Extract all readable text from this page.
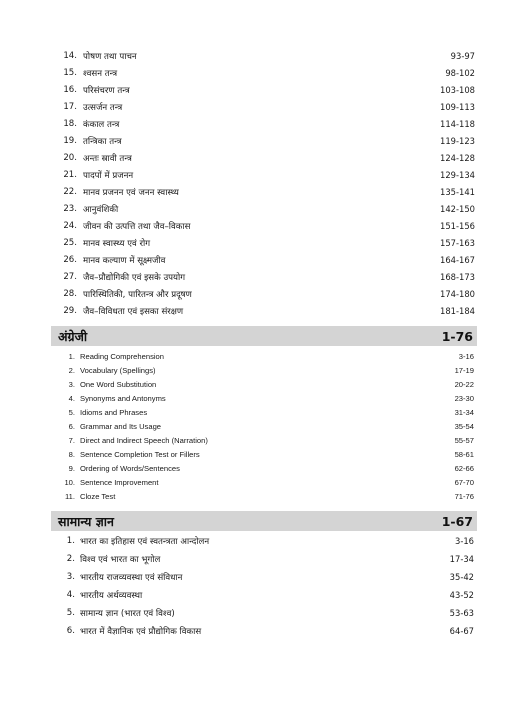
14. पोषण तथा पाचन	93-97
15. श्वसन तन्त्र	98-102
16. परिसंचरण तन्त्र	103-108
17. उत्सर्जन तन्त्र	109-113
18. कंकाल तन्त्र	114-118
19. तन्त्रिका तन्त्र	119-123
20. अन्तः स्रावी तन्त्र	124-128
21. पादपों में प्रजनन	129-134
22. मानव प्रजनन एवं जनन स्वास्थ्य	135-141
23. आनुवंशिकी	142-150
24. जीवन की उत्पत्ति तथा जैव–विकास	151-156
25. मानव स्वास्थ्य एवं रोग	157-163
26. मानव कल्याण में सूक्ष्मजीव	164-167
27. जैव–प्रौद्योगिकी एवं इसके उपयोग	168-173
28. पारिस्थितिकी, पारितन्त्र और प्रदूषण	174-180
29. जैव–विविधता एवं इसका संरक्षण	181-184
अंग्रेजी	1-76
1. Reading Comprehension	3-16
2. Vocabulary (Spellings)	17-19
3. One Word Substitution	20-22
4. Synonyms and Antonyms	23-30
5. Idioms and Phrases	31-34
6. Grammar and Its Usage	35-54
7. Direct and Indirect Speech (Narration)	55-57
8. Sentence Completion Test or Fillers	58-61
9. Ordering of Words/Sentences	62-66
10. Sentence Improvement	67-70
11. Cloze Test	71-76
सामान्य ज्ञान	1-67
1. भारत का इतिहास एवं स्वतन्त्रता आन्दोलन	3-16
2. विश्व एवं भारत का भूगोल	17-34
3. भारतीय राजव्यवस्था एवं संविधान	35-42
4. भारतीय अर्थव्यवस्था	43-52
5. सामान्य ज्ञान (भारत एवं विश्व)	53-63
6. भारत में वैज्ञानिक एवं प्रौद्योगिक विकास	64-67
